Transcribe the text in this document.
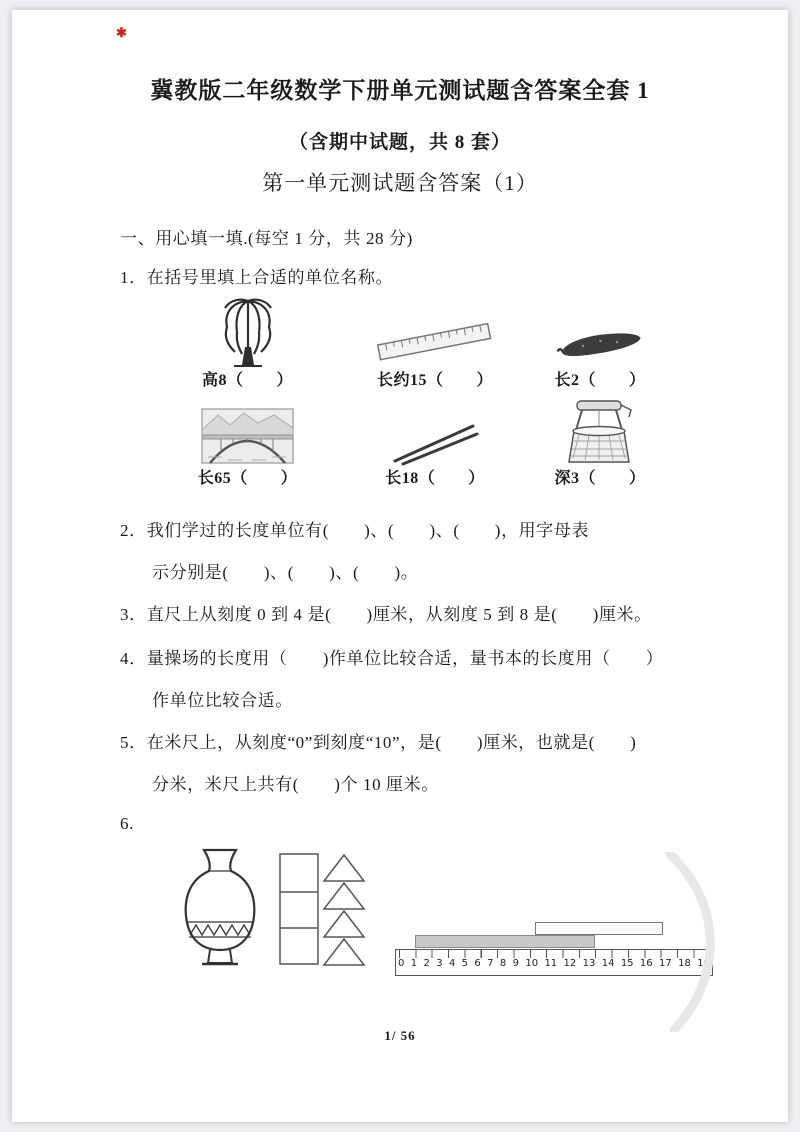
✱
冀教版二年级数学下册单元测试题含答案全套 1
（含期中试题，共 8 套）
第一单元测试题含答案（1）
一、用心填一填.(每空 1 分，共 28 分)
1．在括号里填上合适的单位名称。
高8（　　）	长约15（　　）	长2（　　）
长65（　　）	长18（　　）	深3（　　）
2．我们学过的长度单位有(　　)、(　　)、(　　)，用字母表
示分别是(　　)、(　　)、(　　)。
3．直尺上从刻度 0 到 4 是(　　)厘米，从刻度 5 到 8 是(　　)厘米。
4．量操场的长度用（　　)作单位比较合适，量书本的长度用（　　）
作单位比较合适。
5．在米尺上，从刻度“0”到刻度“10”，是(　　)厘米，也就是(　　)
分米，米尺上共有(　　)个 10 厘米。
6.
0 1 2 3 4 5 6 7 8 9 10 11 12 13 14 15 16 17 18 19
1/ 56
